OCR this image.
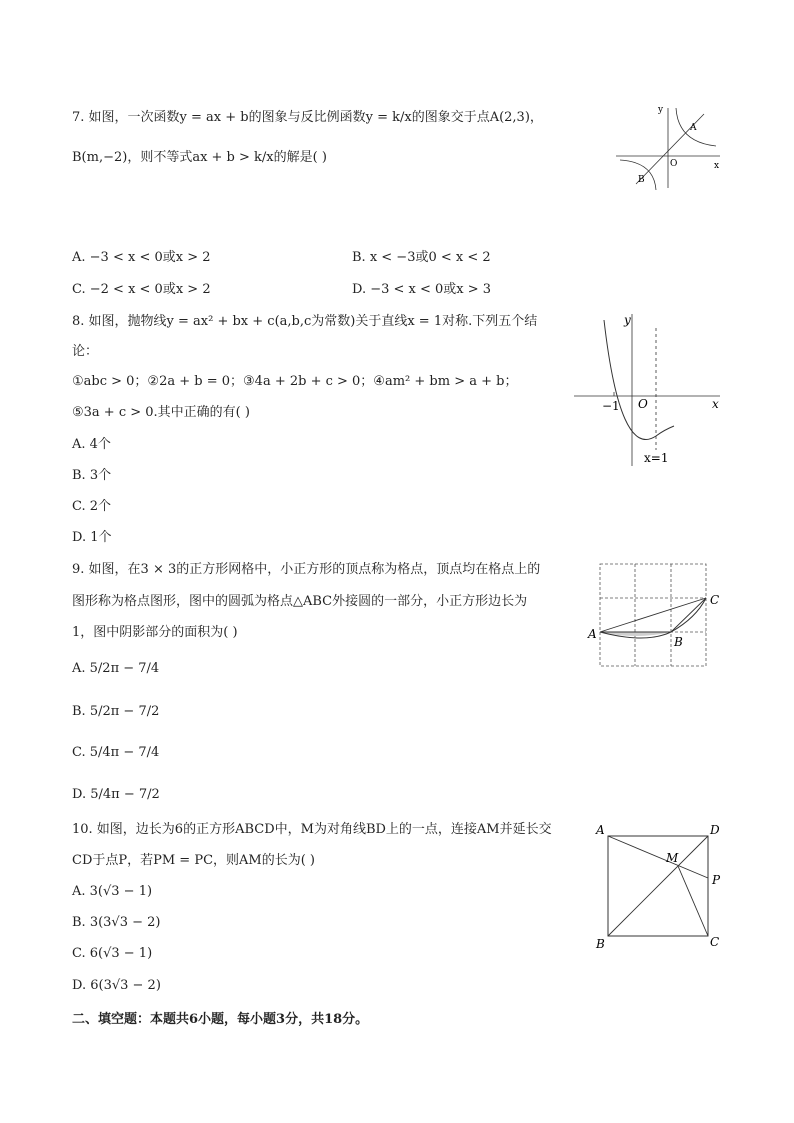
7. 如图，一次函数y = ax + b的图象与反比例函数y = k/x的图象交于点A(2,3)，
B(m,−2)，则不等式ax + b > k/x的解是( )
A. −3 < x < 0或x > 2	B. x < −3或0 < x < 2
C. −2 < x < 0或x > 2	D. −3 < x < 0或x > 3
y
x
O
A
B
8. 如图，抛物线y = ax² + bx + c(a,b,c为常数)关于直线x = 1对称.下列五个结
论：
①abc > 0；②2a + b = 0；③4a + 2b + c > 0；④am² + bm > a + b；
⑤3a + c > 0.其中正确的有( )
A. 4个
B. 3个
C. 2个
D. 1个
y
x
O
−1
x=1
9. 如图，在3 × 3的正方形网格中，小正方形的顶点称为格点，顶点均在格点上的
图形称为格点图形，图中的圆弧为格点△ABC外接圆的一部分，小正方形边长为
1，图中阴影部分的面积为( )
A. 5/2π − 7/4
B. 5/2π − 7/2
C. 5/4π − 7/4
D. 5/4π − 7/2
A
B
C
10. 如图，边长为6的正方形ABCD中，M为对角线BD上的一点，连接AM并延长交
CD于点P，若PM = PC，则AM的长为( )
A. 3(√3 − 1)
B. 3(3√3 − 2)
C. 6(√3 − 1)
D. 6(3√3 − 2)
A	D
B	C
M
P
二、填空题：本题共6小题，每小题3分，共18分。
